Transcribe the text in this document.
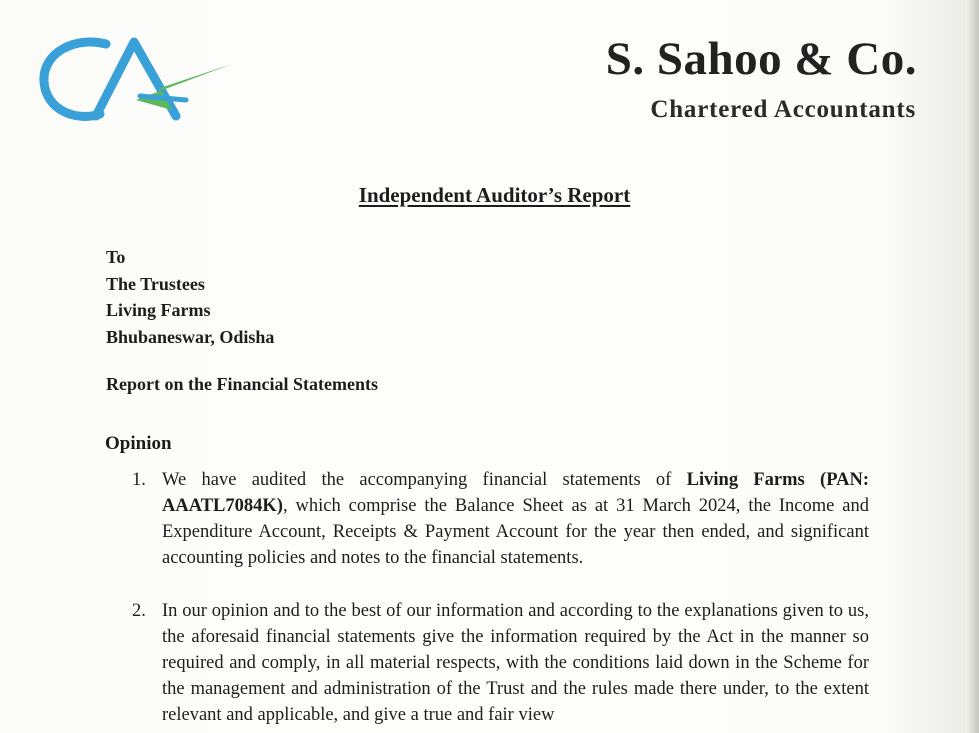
S. Sahoo & Co.
Chartered Accountants
Independent Auditor’s Report
To
The Trustees
Living Farms
Bhubaneswar, Odisha
Report on the Financial Statements
Opinion
1. We have audited the accompanying financial statements of Living Farms (PAN: AAATL7084K), which comprise the Balance Sheet as at 31 March 2024, the Income and Expenditure Account, Receipts & Payment Account for the year then ended, and significant accounting policies and notes to the financial statements.
2. In our opinion and to the best of our information and according to the explanations given to us, the aforesaid financial statements give the information required by the Act in the manner so required and comply, in all material respects, with the conditions laid down in the Scheme for the management and administration of the Trust and the rules made there under, to the extent relevant and applicable, and give a true and fair view
